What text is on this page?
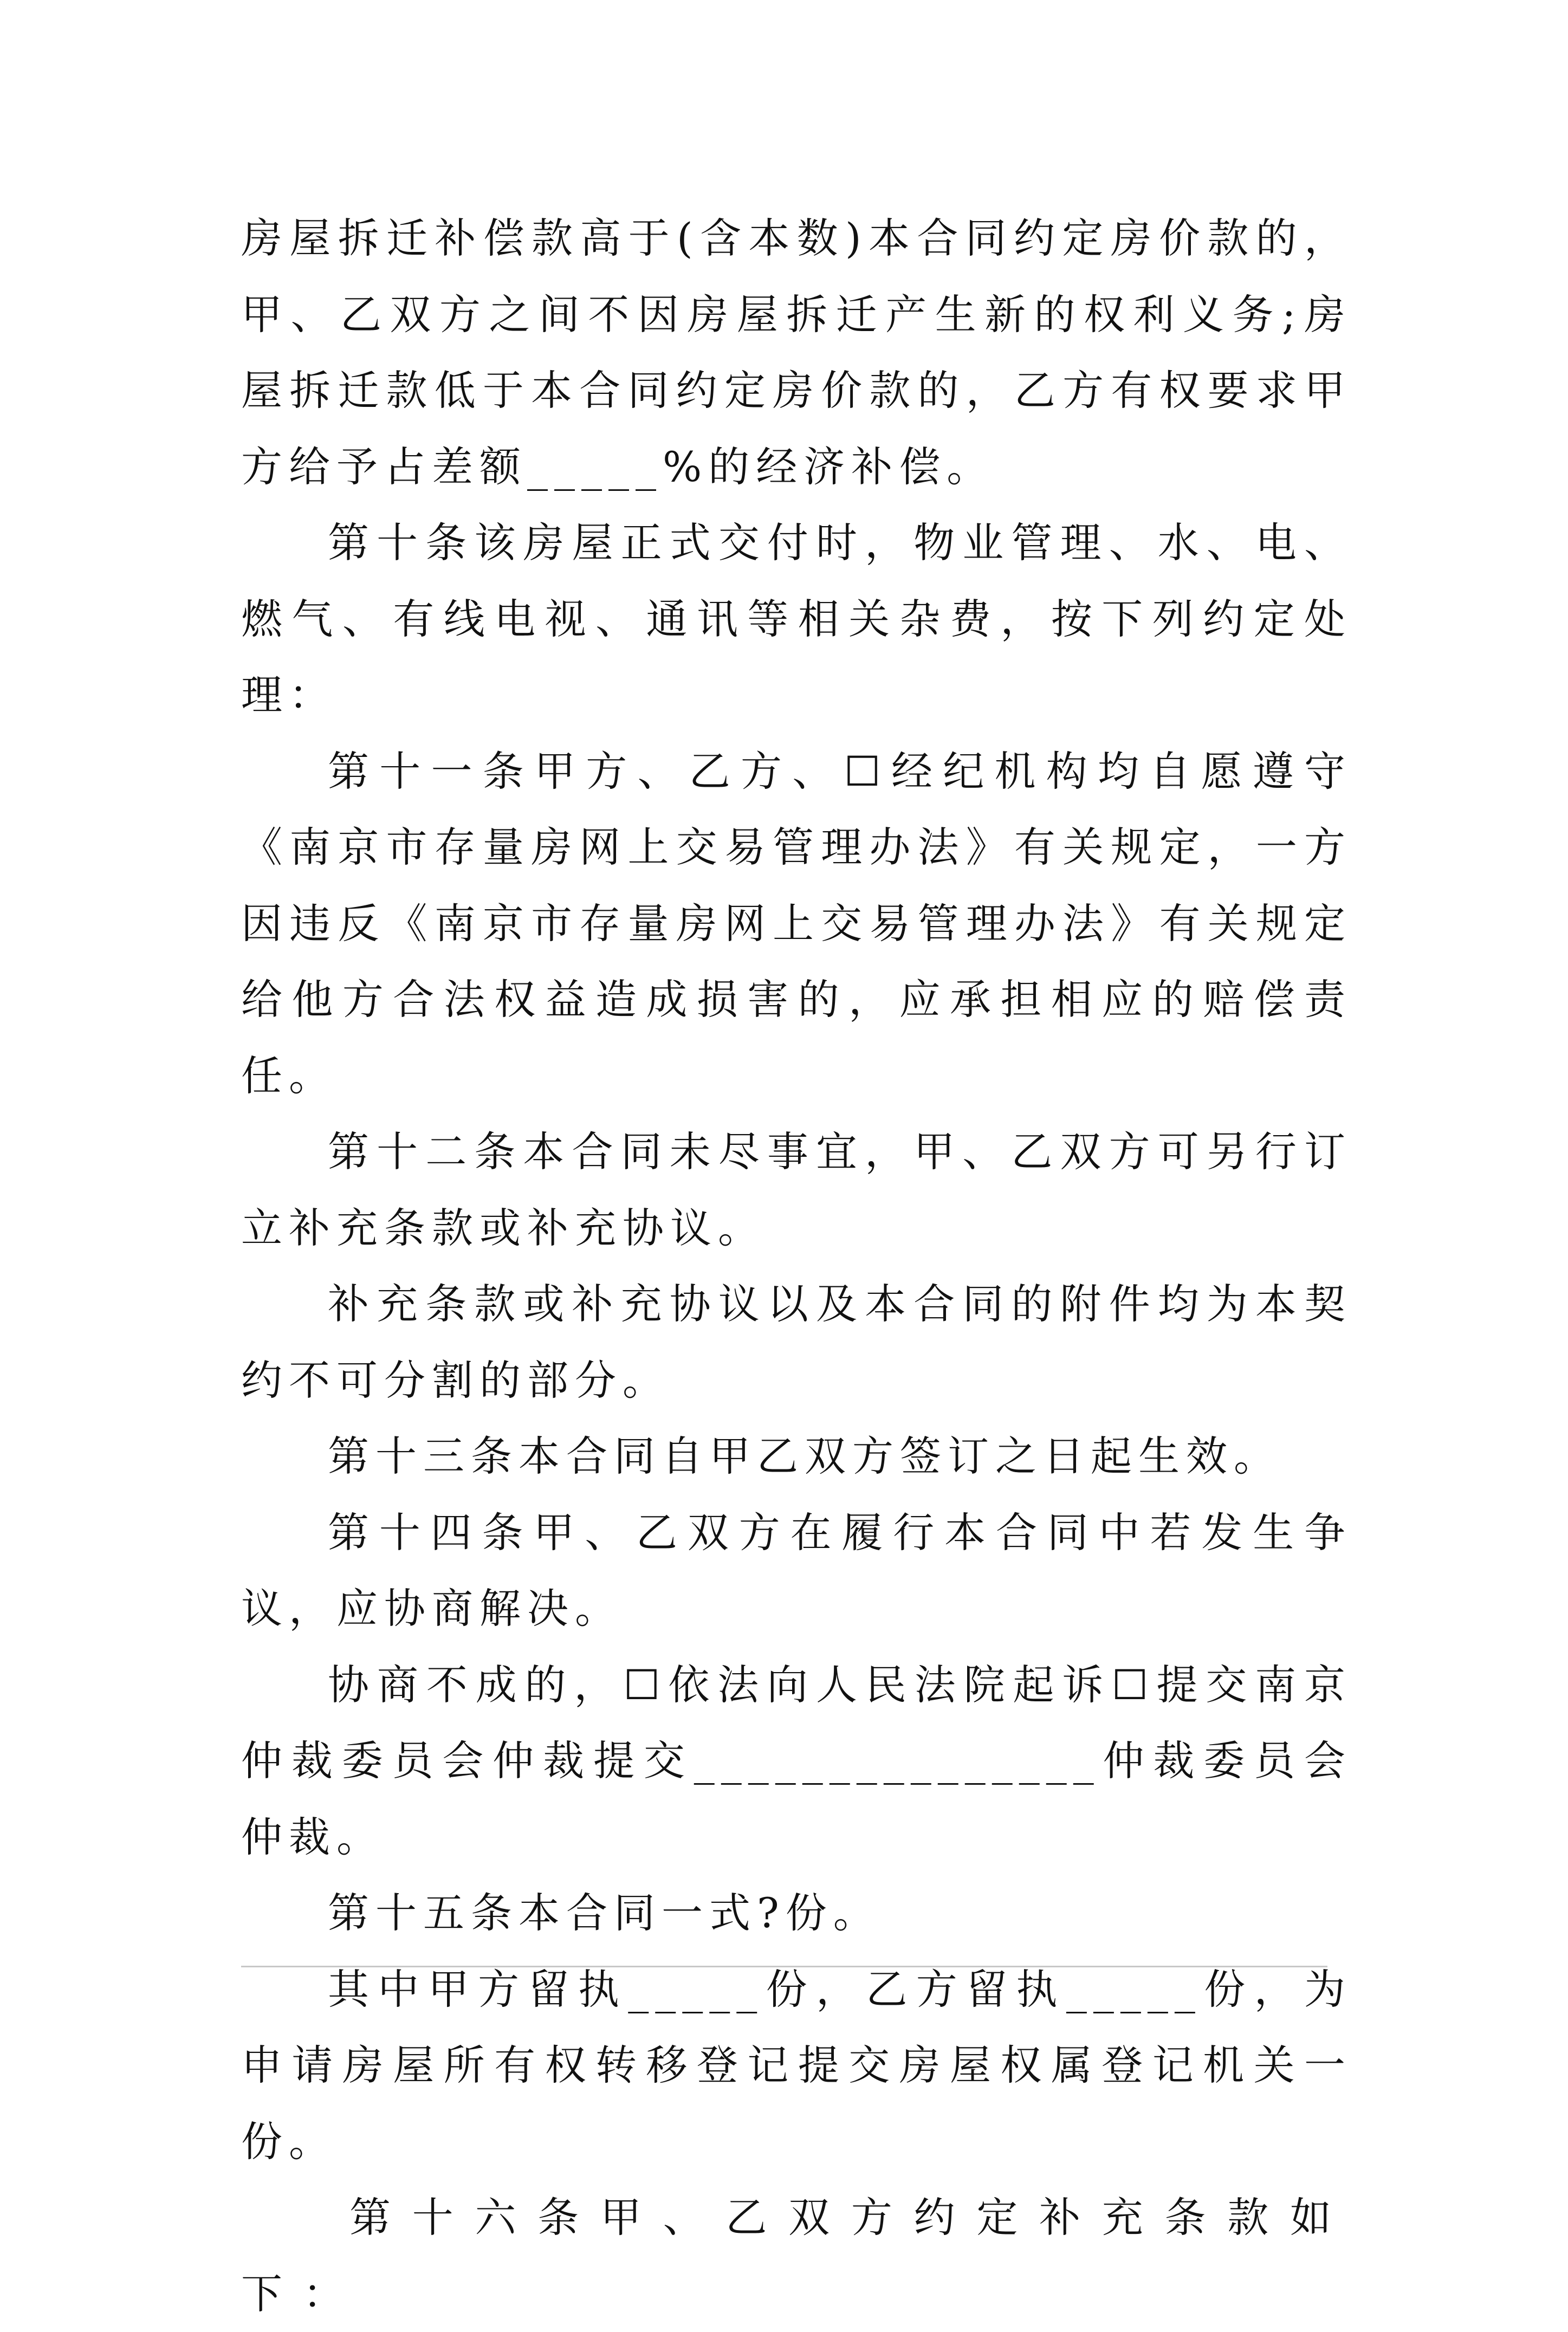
房屋拆迁补偿款高于(含本数)本合同约定房价款的，甲、乙双方之间不因房屋拆迁产生新的权利义务;房屋拆迁款低于本合同约定房价款的，乙方有权要求甲方给予占差额_____%的经济补偿。

第十条该房屋正式交付时，物业管理、水、电、燃气、有线电视、通讯等相关杂费，按下列约定处理：

第十一条甲方、乙方、☐经纪机构均自愿遵守《南京市存量房网上交易管理办法》有关规定，一方因违反《南京市存量房网上交易管理办法》有关规定给他方合法权益造成损害的，应承担相应的赔偿责任。

第十二条本合同未尽事宜，甲、乙双方可另行订立补充条款或补充协议。

补充条款或补充协议以及本合同的附件均为本契约不可分割的部分。

第十三条本合同自甲乙双方签订之日起生效。

第十四条甲、乙双方在履行本合同中若发生争议，应协商解决。

协商不成的，☐依法向人民法院起诉☐提交南京仲裁委员会仲裁提交_______________仲裁委员会仲裁。

第十五条本合同一式?份。

其中甲方留执_____份，乙方留执_____份，为申请房屋所有权转移登记提交房屋权属登记机关一份。

第十六条甲、乙双方约定补充条款如下：
